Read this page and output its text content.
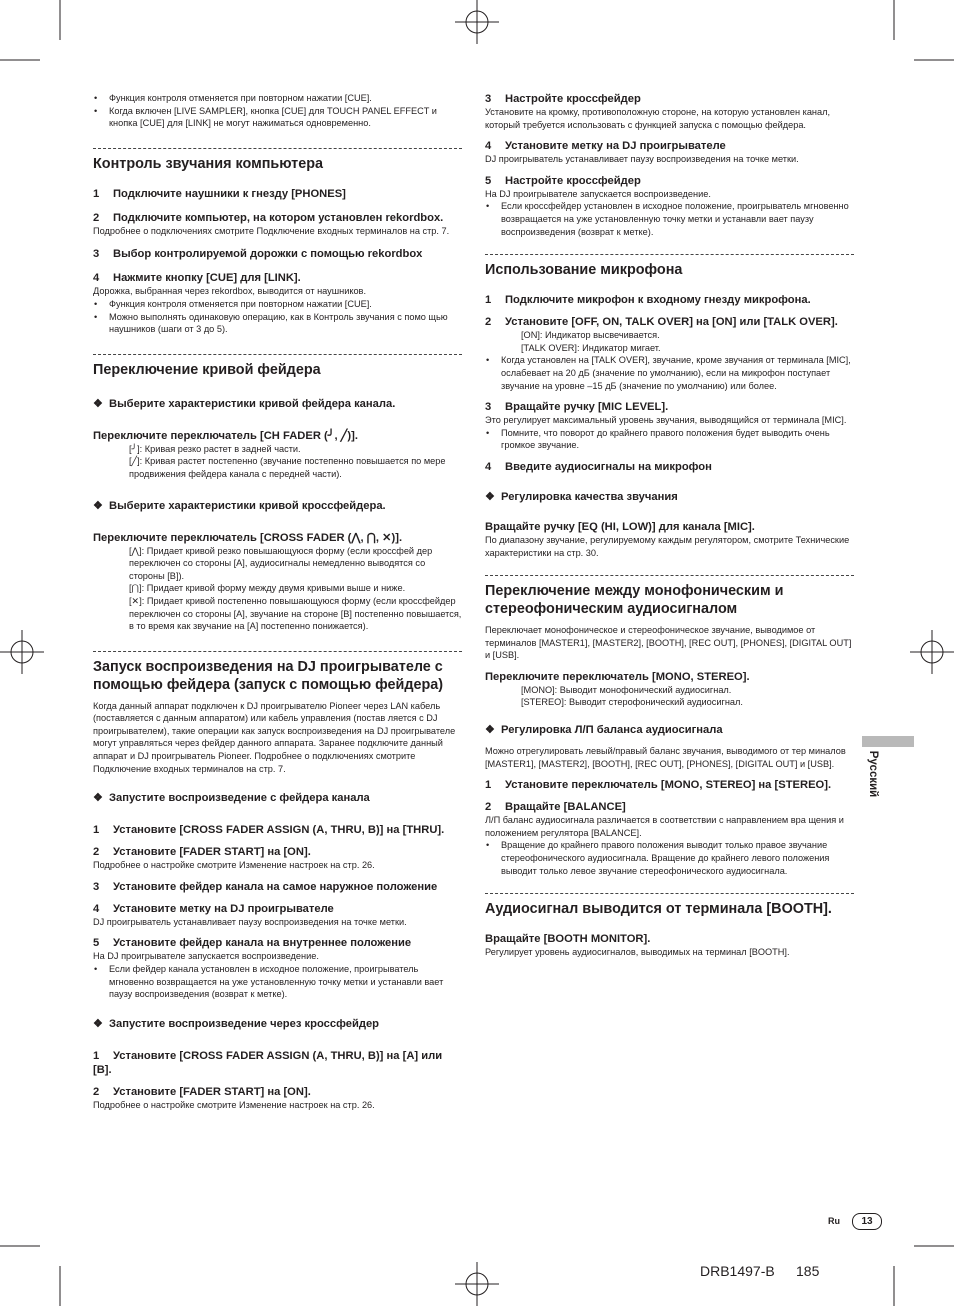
• Функция контроля отменяется при повторном нажатии [CUE].

• Когда включен [LIVE SAMPLER], кнопка [CUE] для TOUCH PANEL EFFECT и кнопка [CUE] для [LINK] не могут нажиматься одновременно.

Контроль звучания компьютера

1 Подключите наушники к гнезду [PHONES]

2 Подключите компьютер, на котором установлен rekordbox.

Подробнее о подключениях смотрите Подключение входных терминалов на стр. 7.

3 Выбор контролируемой дорожки с помощью rekordbox

4 Нажмите кнопку [CUE] для [LINK].

Дорожка, выбранная через rekordbox, выводится от наушников.

• Функция контроля отменяется при повторном нажатии [CUE].

• Можно выполнять одинаковую операцию, как в Контроль звучания с помо щью наушников (шаги от 3 до 5).

Переключение кривой фейдера

❖ Выберите характеристики кривой фейдера канала.

Переключите переключатель [CH FADER (╯, ╱)].

[╯]: Кривая резко растет в задней части.

[╱]: Кривая растет постепенно (звучание постепенно повышается по мере продвижения фейдера канала с передней части).

❖ Выберите характеристики кривой кроссфейдера.

Переключите переключатель [CROSS FADER (⋀, ⋂, ✕)].

[⋀]: Придает кривой резко повышающуюся форму (если кроссфей дер переключен со стороны [A], аудиосигналы немедленно выводятся со стороны [B]).

[⋂]: Придает кривой форму между двумя кривыми выше и ниже.

[✕]: Придает кривой постепенно повышающуюся форму (если кроссфейдер переключен со стороны [A], звучание на стороне [B] постепенно повышается, в то время как звучание на [A] постепенно понижается).

Запуск воспроизведения на DJ проигрывателе с помощью фейдера (запуск с помощью фейдера)

Когда данный аппарат подключен к DJ проигрывателю Pioneer через LAN кабель (поставляется с данным аппаратом) или кабель управления (постав ляется с DJ проигрывателем), такие операции как запуск воспроизведения на DJ проигрывателе могут управляться через фейдер данного аппарата. Заранее подключите данный аппарат и DJ проигрыватель Pioneer. Подробнее о подключениях смотрите Подключение входных терминалов на стр. 7.

❖ Запустите воспроизведение с фейдера канала

1 Установите [CROSS FADER ASSIGN (A, THRU, B)] на [THRU].

2 Установите [FADER START] на [ON].

Подробнее о настройке смотрите Изменение настроек на стр. 26.

3 Установите фейдер канала на самое наружное положение

4 Установите метку на DJ проигрывателе

DJ проигрыватель устанавливает паузу воспроизведения на точке метки.

5 Установите фейдер канала на внутреннее положение

На DJ проигрывателе запускается воспроизведение.

• Если фейдер канала установлен в исходное положение, проигрыватель мгновенно возвращается на уже установленную точку метки и устанавли вает паузу воспроизведения (возврат к метке).

❖ Запустите воспроизведение через кроссфейдер

1 Установите [CROSS FADER ASSIGN (A, THRU, B)] на [A] или [B].

2 Установите [FADER START] на [ON].

Подробнее о настройке смотрите Изменение настроек на стр. 26.

3 Настройте кроссфейдер

Установите на кромку, противоположную стороне, на которую установлен канал, который требуется использовать с функцией запуска с помощью фейдера.

4 Установите метку на DJ проигрывателе

DJ проигрыватель устанавливает паузу воспроизведения на точке метки.

5 Настройте кроссфейдер

На DJ проигрывателе запускается воспроизведение.

• Если кроссфейдер установлен в исходное положение, проигрыватель мгновенно возвращается на уже установленную точку метки и устанавли вает паузу воспроизведения (возврат к метке).

Использование микрофона

1 Подключите микрофон к входному гнезду микрофона.

2 Установите [OFF, ON, TALK OVER] на [ON] или [TALK OVER].

[ON]: Индикатор высвечивается.

[TALK OVER]: Индикатор мигает.

• Когда установлен на [TALK OVER], звучание, кроме звучания от терминала [MIC], ослабевает на 20 дБ (значение по умолчанию), если на микрофон поступает звучание на уровне –15 дБ (значение по умолчанию) или более.

3 Вращайте ручку [MIC LEVEL].

Это регулирует максимальный уровень звучания, выводящийся от терминала [MIC].

• Помните, что поворот до крайнего правого положения будет выводить очень громкое звучание.

4 Введите аудиосигналы на микрофон

❖ Регулировка качества звучания

Вращайте ручку [EQ (HI, LOW)] для канала [MIC].

По диапазону звучание, регулируемому каждым регулятором, смотрите Технические характеристики на стр. 30.

Переключение между монофоническим и стереофоническим аудиосигналом

Переключает монофоническое и стереофоническое звучание, выводимое от терминалов [MASTER1], [MASTER2], [BOOTH], [REC OUT], [PHONES], [DIGITAL OUT] и [USB].

Переключите переключатель [MONO, STEREO].

[MONO]: Выводит монофонический аудиосигнал.

[STEREO]: Выводит стерофонический аудиосигнал.

❖ Регулировка Л/П баланса аудиосигнала

Можно отрегулировать левый/правый баланс звучания, выводимого от тер миналов [MASTER1], [MASTER2], [BOOTH], [REC OUT], [PHONES], [DIGITAL OUT] и [USB].

1 Установите переключатель [MONO, STEREO] на [STEREO].

2 Вращайте [BALANCE]

Л/П баланс аудиосигнала различается в соответствии с направлением вра щения и положением регулятора [BALANCE].

• Вращение до крайнего правого положения выводит только правое звучание стереофонического аудиосигнала. Вращение до крайнего левого положения выводит только левое звучание стереофонического аудиосигнала.

Аудиосигнал выводится от терминала [BOOTH].

Вращайте [BOOTH MONITOR].

Регулирует уровень аудиосигналов, выводимых на терминал [BOOTH].

Русский
Ru	13
DRB1497-B 185
